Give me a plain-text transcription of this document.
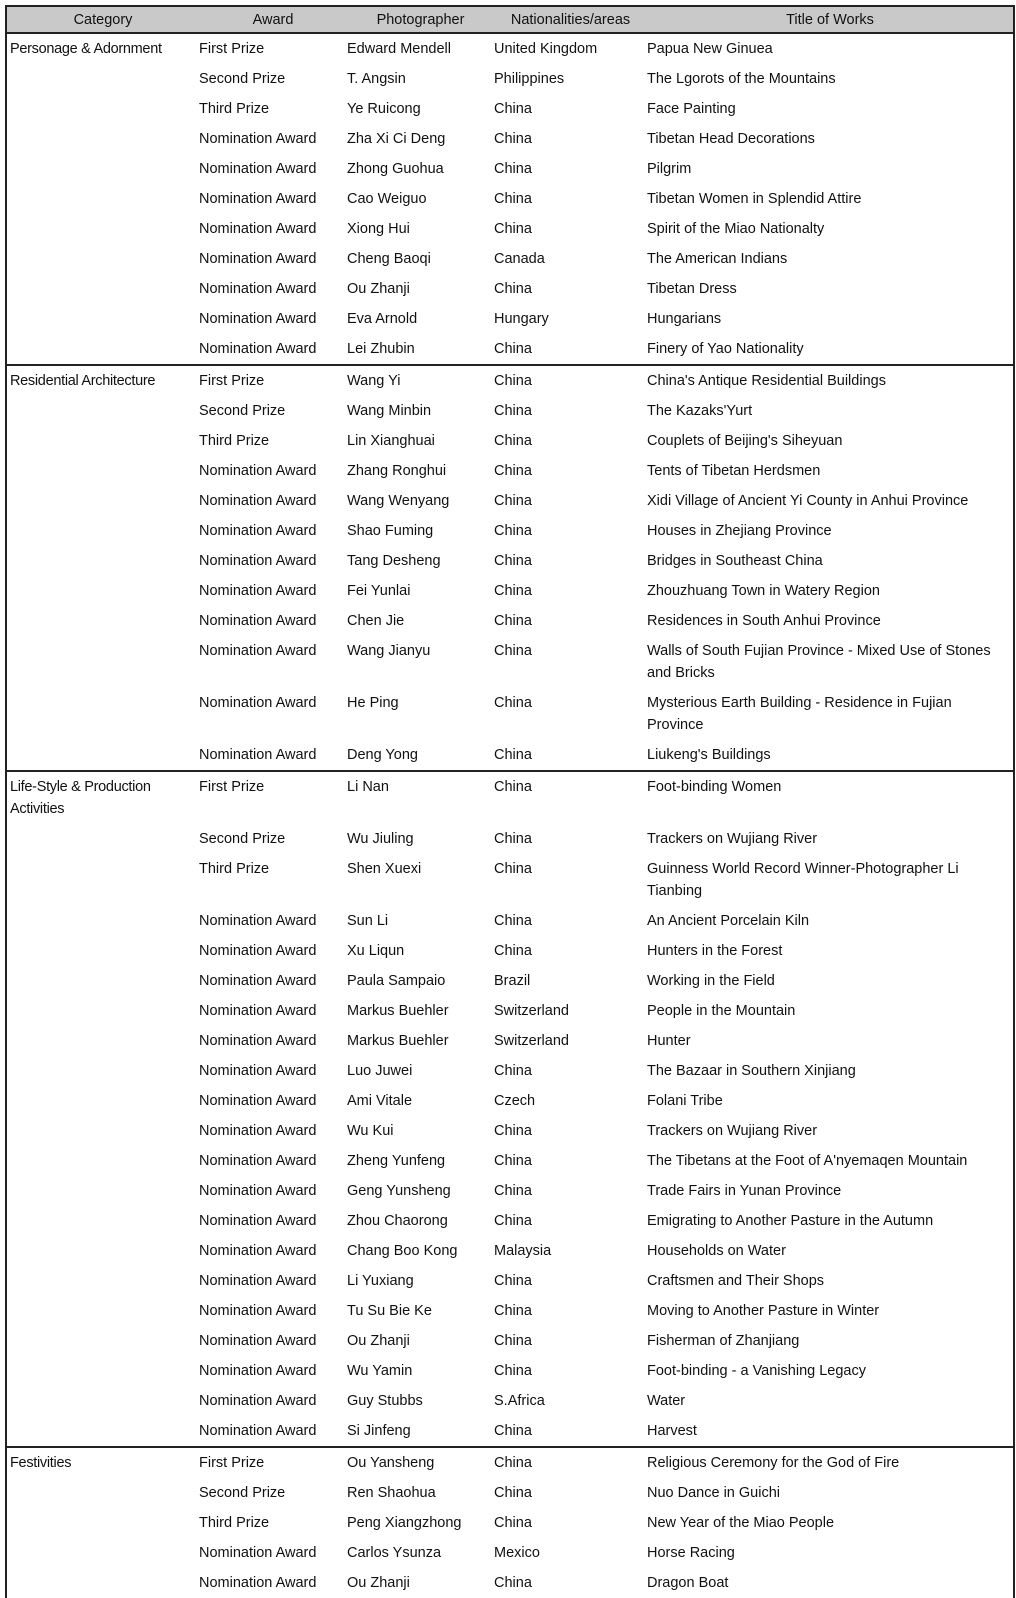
Category	Award	Photographer	Nationalities/areas	Title of Works
Personage & Adornment	First Prize	Edward Mendell	United Kingdom	Papua New Ginuea
	Second Prize	T. Angsin	Philippines	The Lgorots of the Mountains
	Third Prize	Ye Ruicong	China	Face Painting
	Nomination Award	Zha Xi Ci Deng	China	Tibetan Head Decorations
	Nomination Award	Zhong Guohua	China	Pilgrim
	Nomination Award	Cao Weiguo	China	Tibetan Women in Splendid Attire
	Nomination Award	Xiong Hui	China	Spirit of the Miao Nationalty
	Nomination Award	Cheng Baoqi	Canada	The American Indians
	Nomination Award	Ou Zhanji	China	Tibetan Dress
	Nomination Award	Eva Arnold	Hungary	Hungarians
	Nomination Award	Lei Zhubin	China	Finery of Yao Nationality
Residential Architecture	First Prize	Wang Yi	China	China's Antique Residential Buildings
	Second Prize	Wang Minbin	China	The Kazaks'Yurt
	Third Prize	Lin Xianghuai	China	Couplets of Beijing's Siheyuan
	Nomination Award	Zhang Ronghui	China	Tents of Tibetan Herdsmen
	Nomination Award	Wang Wenyang	China	Xidi Village of Ancient Yi County in Anhui Province
	Nomination Award	Shao Fuming	China	Houses in Zhejiang Province
	Nomination Award	Tang Desheng	China	Bridges in Southeast China
	Nomination Award	Fei Yunlai	China	Zhouzhuang Town in Watery Region
	Nomination Award	Chen Jie	China	Residences in South Anhui Province
	Nomination Award	Wang Jianyu	China	Walls of South Fujian Province - Mixed Use of Stones and Bricks
	Nomination Award	He Ping	China	Mysterious Earth Building - Residence in Fujian Province
	Nomination Award	Deng Yong	China	Liukeng's Buildings
Life-Style & Production Activities	First Prize	Li Nan	China	Foot-binding Women
	Second Prize	Wu Jiuling	China	Trackers on Wujiang River
	Third Prize	Shen Xuexi	China	Guinness World Record Winner-Photographer Li Tianbing
	Nomination Award	Sun Li	China	An Ancient Porcelain Kiln
	Nomination Award	Xu Liqun	China	Hunters in the Forest
	Nomination Award	Paula Sampaio	Brazil	Working in the Field
	Nomination Award	Markus Buehler	Switzerland	People in the Mountain
	Nomination Award	Markus Buehler	Switzerland	Hunter
	Nomination Award	Luo Juwei	China	The Bazaar in Southern Xinjiang
	Nomination Award	Ami Vitale	Czech	Folani Tribe
	Nomination Award	Wu Kui	China	Trackers on Wujiang River
	Nomination Award	Zheng Yunfeng	China	The Tibetans at the Foot of A'nyemaqen Mountain
	Nomination Award	Geng Yunsheng	China	Trade Fairs in Yunan Province
	Nomination Award	Zhou Chaorong	China	Emigrating to Another Pasture in the Autumn
	Nomination Award	Chang Boo Kong	Malaysia	Households on Water
	Nomination Award	Li Yuxiang	China	Craftsmen and Their Shops
	Nomination Award	Tu Su Bie Ke	China	Moving to Another Pasture in Winter
	Nomination Award	Ou Zhanji	China	Fisherman of Zhanjiang
	Nomination Award	Wu Yamin	China	Foot-binding - a Vanishing Legacy
	Nomination Award	Guy Stubbs	S.Africa	Water
	Nomination Award	Si Jinfeng	China	Harvest
Festivities	First Prize	Ou Yansheng	China	Religious Ceremony for the God of Fire
	Second Prize	Ren Shaohua	China	Nuo Dance in Guichi
	Third Prize	Peng Xiangzhong	China	New Year of the Miao People
	Nomination Award	Carlos Ysunza	Mexico	Horse Racing
	Nomination Award	Ou Zhanji	China	Dragon Boat
